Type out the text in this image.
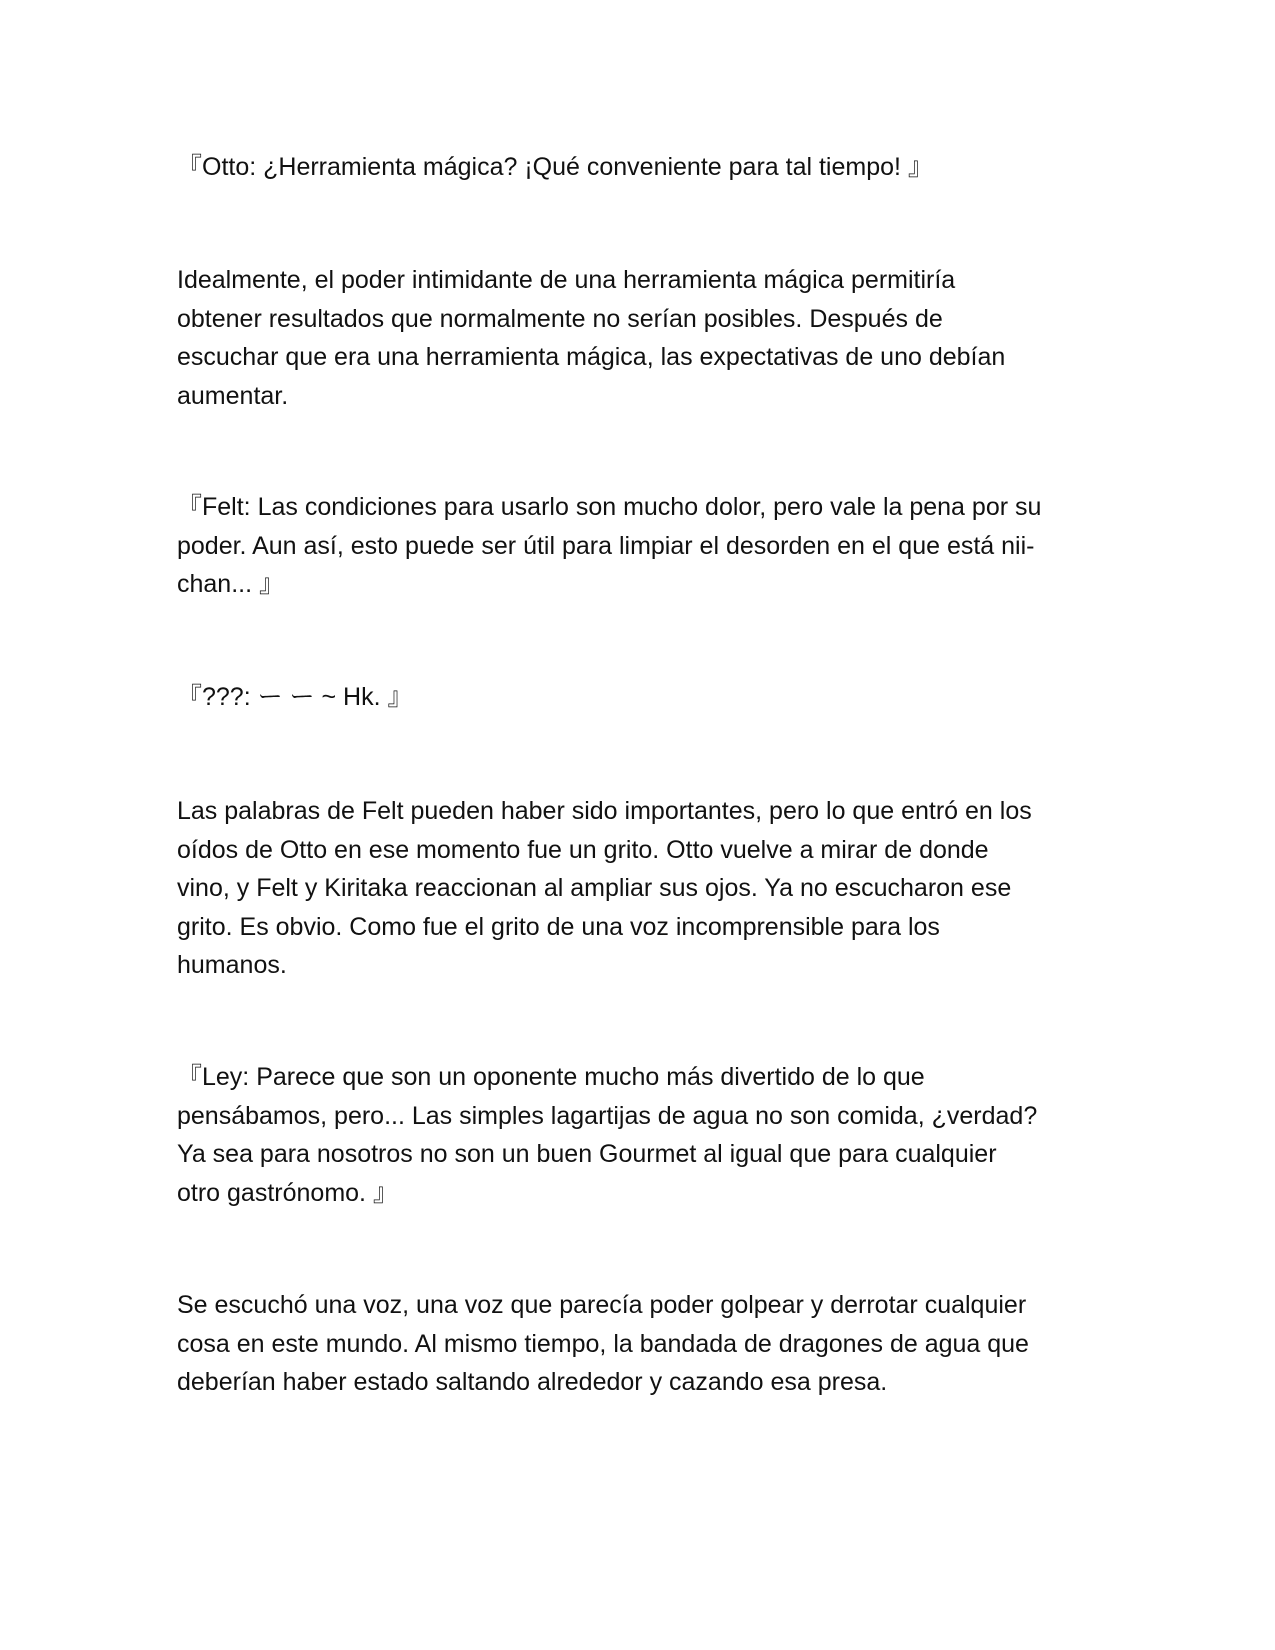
『Otto: ¿Herramienta mágica? ¡Qué conveniente para tal tiempo! 』

Idealmente, el poder intimidante de una herramienta mágica permitiría
obtener resultados que normalmente no serían posibles. Después de
escuchar que era una herramienta mágica, las expectativas de uno debían
aumentar.

『Felt: Las condiciones para usarlo son mucho dolor, pero vale la pena por su
poder. Aun así, esto puede ser útil para limpiar el desorden en el que está nii-
chan... 』

『???: ー ー ~ Hk. 』

Las palabras de Felt pueden haber sido importantes, pero lo que entró en los
oídos de Otto en ese momento fue un grito. Otto vuelve a mirar de donde
vino, y Felt y Kiritaka reaccionan al ampliar sus ojos. Ya no escucharon ese
grito. Es obvio. Como fue el grito de una voz incomprensible para los
humanos.

『Ley: Parece que son un oponente mucho más divertido de lo que
pensábamos, pero... Las simples lagartijas de agua no son comida, ¿verdad?
Ya sea para nosotros no son un buen Gourmet al igual que para cualquier
otro gastrónomo. 』

Se escuchó una voz, una voz que parecía poder golpear y derrotar cualquier
cosa en este mundo. Al mismo tiempo, la bandada de dragones de agua que
deberían haber estado saltando alrededor y cazando esa presa.
